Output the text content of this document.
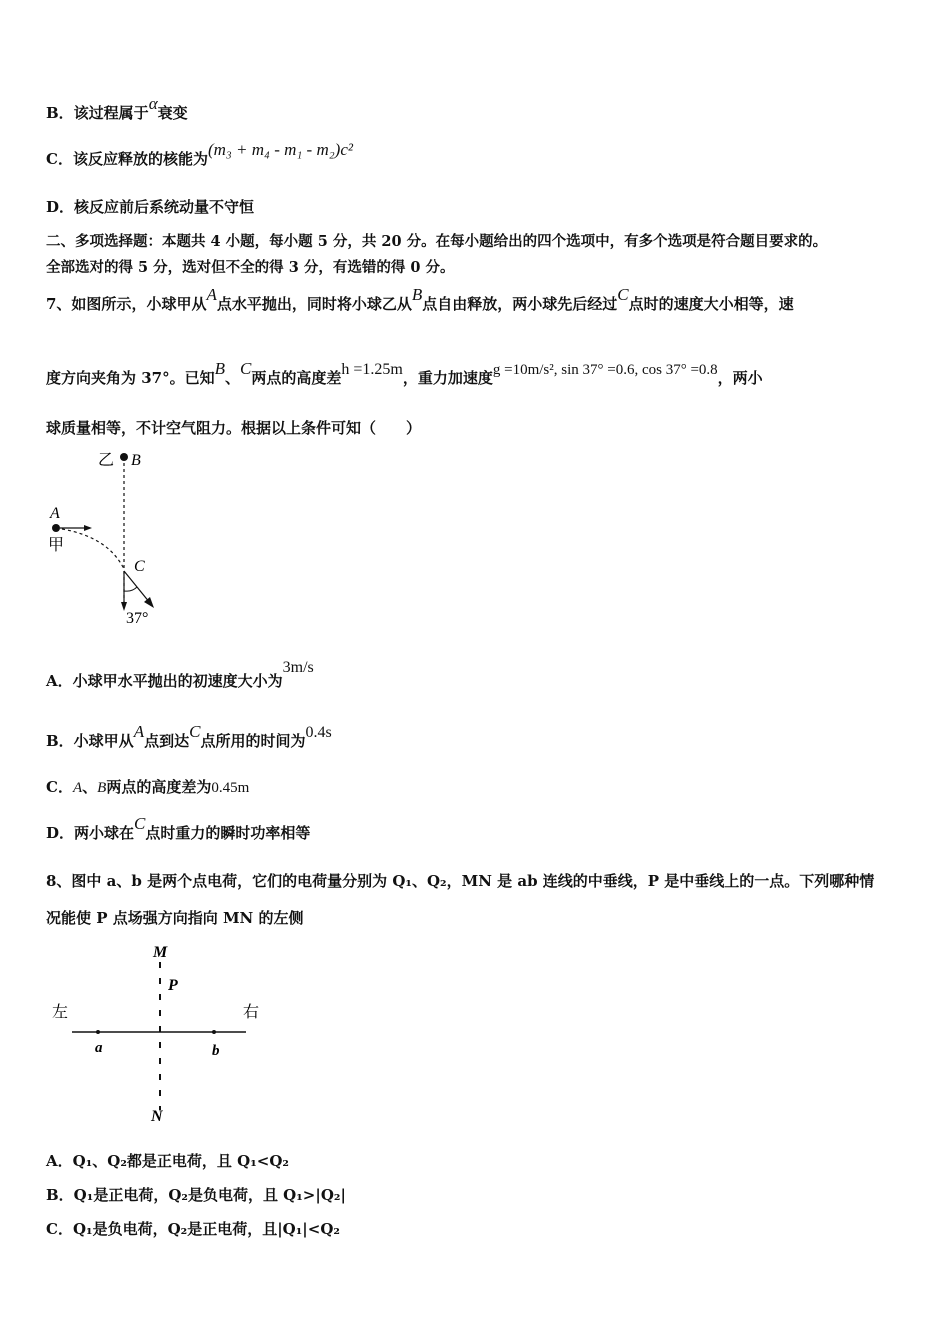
B．该过程属于α衰变
C．该反应释放的核能为(m₃ + m₄ - m₁ - m₂)c²
D．核反应前后系统动量不守恒
二、多项选择题：本题共 4 小题，每小题 5 分，共 20 分。在每小题给出的四个选项中，有多个选项是符合题目要求的。
全部选对的得 5 分，选对但不全的得 3 分，有选错的得 0 分。
7、如图所示，小球甲从A点水平抛出，同时将小球乙从B点自由释放，两小球先后经过C点时的速度大小相等，速
度方向夹角为 37°。已知B、C两点的高度差h =1.25m，重力加速度g =10m/s², sin 37° =0.6, cos 37° =0.8，两小
球质量相等，不计空气阻力。根据以上条件可知（　　）
乙 B
A
甲
C
37°
A．小球甲水平抛出的初速度大小为3m/s
B．小球甲从A点到达C点所用的时间为0.4s
C．A、B两点的高度差为0.45m
D．两小球在C点时重力的瞬时功率相等
8、图中 a、b 是两个点电荷，它们的电荷量分别为 Q₁、Q₂，MN 是 ab 连线的中垂线，P 是中垂线上的一点。下列哪种情
况能使 P 点场强方向指向 MN 的左侧
M
P
左	右
a	b
N
A．Q₁、Q₂都是正电荷，且 Q₁<Q₂
B．Q₁是正电荷，Q₂是负电荷，且 Q₁>|Q₂|
C．Q₁是负电荷，Q₂是正电荷，且|Q₁|<Q₂
